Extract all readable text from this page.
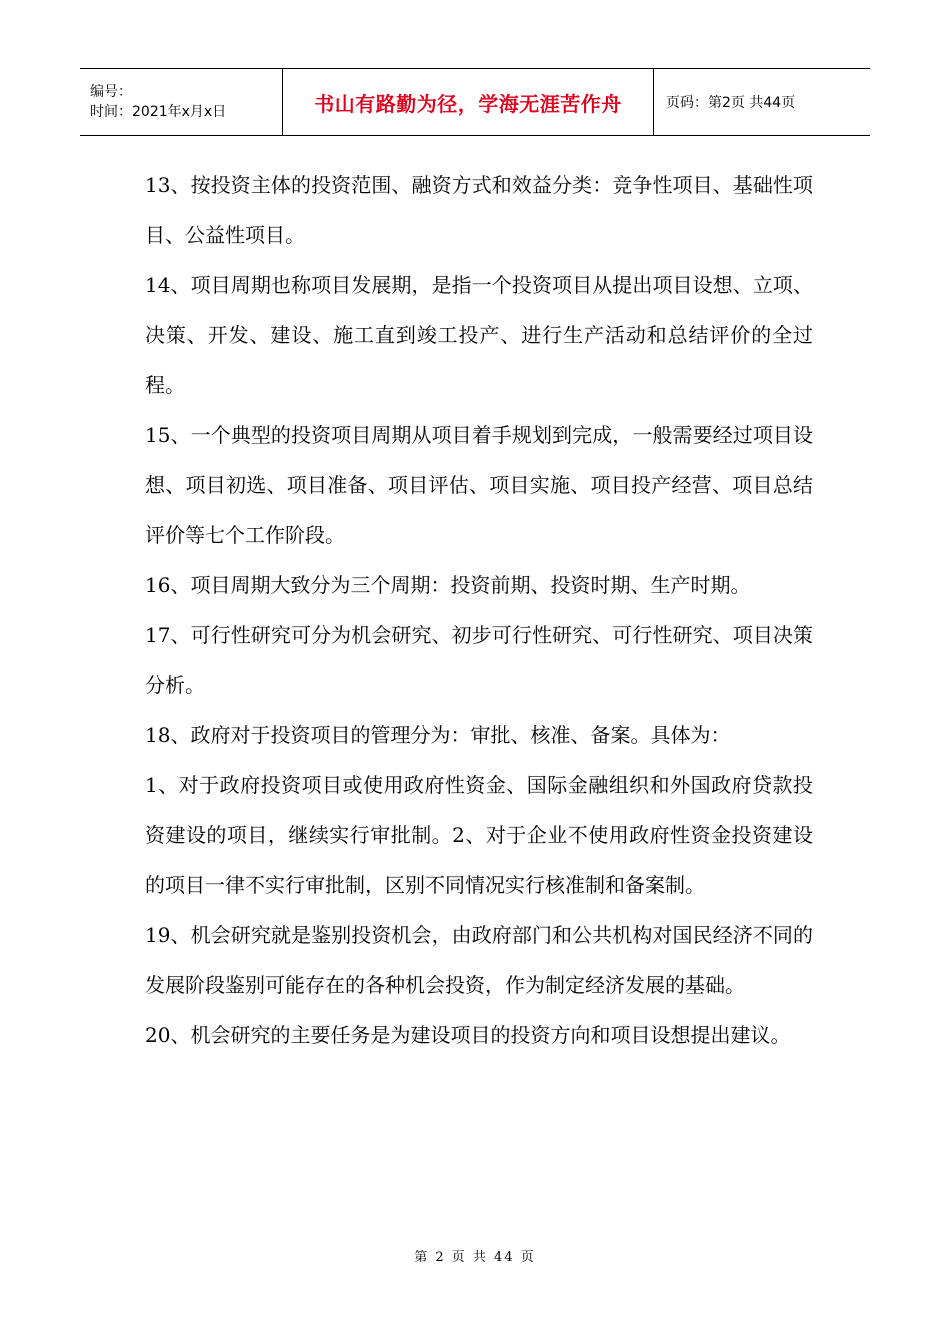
编号：
时间：2021年x月x日	书山有路勤为径，学海无涯苦作舟	页码：第2页 共44页

13、按投资主体的投资范围、融资方式和效益分类：竞争性项目、基础性项目、公益性项目。

14、项目周期也称项目发展期，是指一个投资项目从提出项目设想、立项、决策、开发、建设、施工直到竣工投产、进行生产活动和总结评价的全过程。

15、一个典型的投资项目周期从项目着手规划到完成，一般需要经过项目设想、项目初选、项目准备、项目评估、项目实施、项目投产经营、项目总结评价等七个工作阶段。

16、项目周期大致分为三个周期：投资前期、投资时期、生产时期。

17、可行性研究可分为机会研究、初步可行性研究、可行性研究、项目决策分析。

18、政府对于投资项目的管理分为：审批、核准、备案。具体为：

1、对于政府投资项目或使用政府性资金、国际金融组织和外国政府贷款投资建设的项目，继续实行审批制。2、对于企业不使用政府性资金投资建设的项目一律不实行审批制，区别不同情况实行核准制和备案制。

19、机会研究就是鉴别投资机会，由政府部门和公共机构对国民经济不同的发展阶段鉴别可能存在的各种机会投资，作为制定经济发展的基础。

20、机会研究的主要任务是为建设项目的投资方向和项目设想提出建议。

第 2 页 共 44 页
